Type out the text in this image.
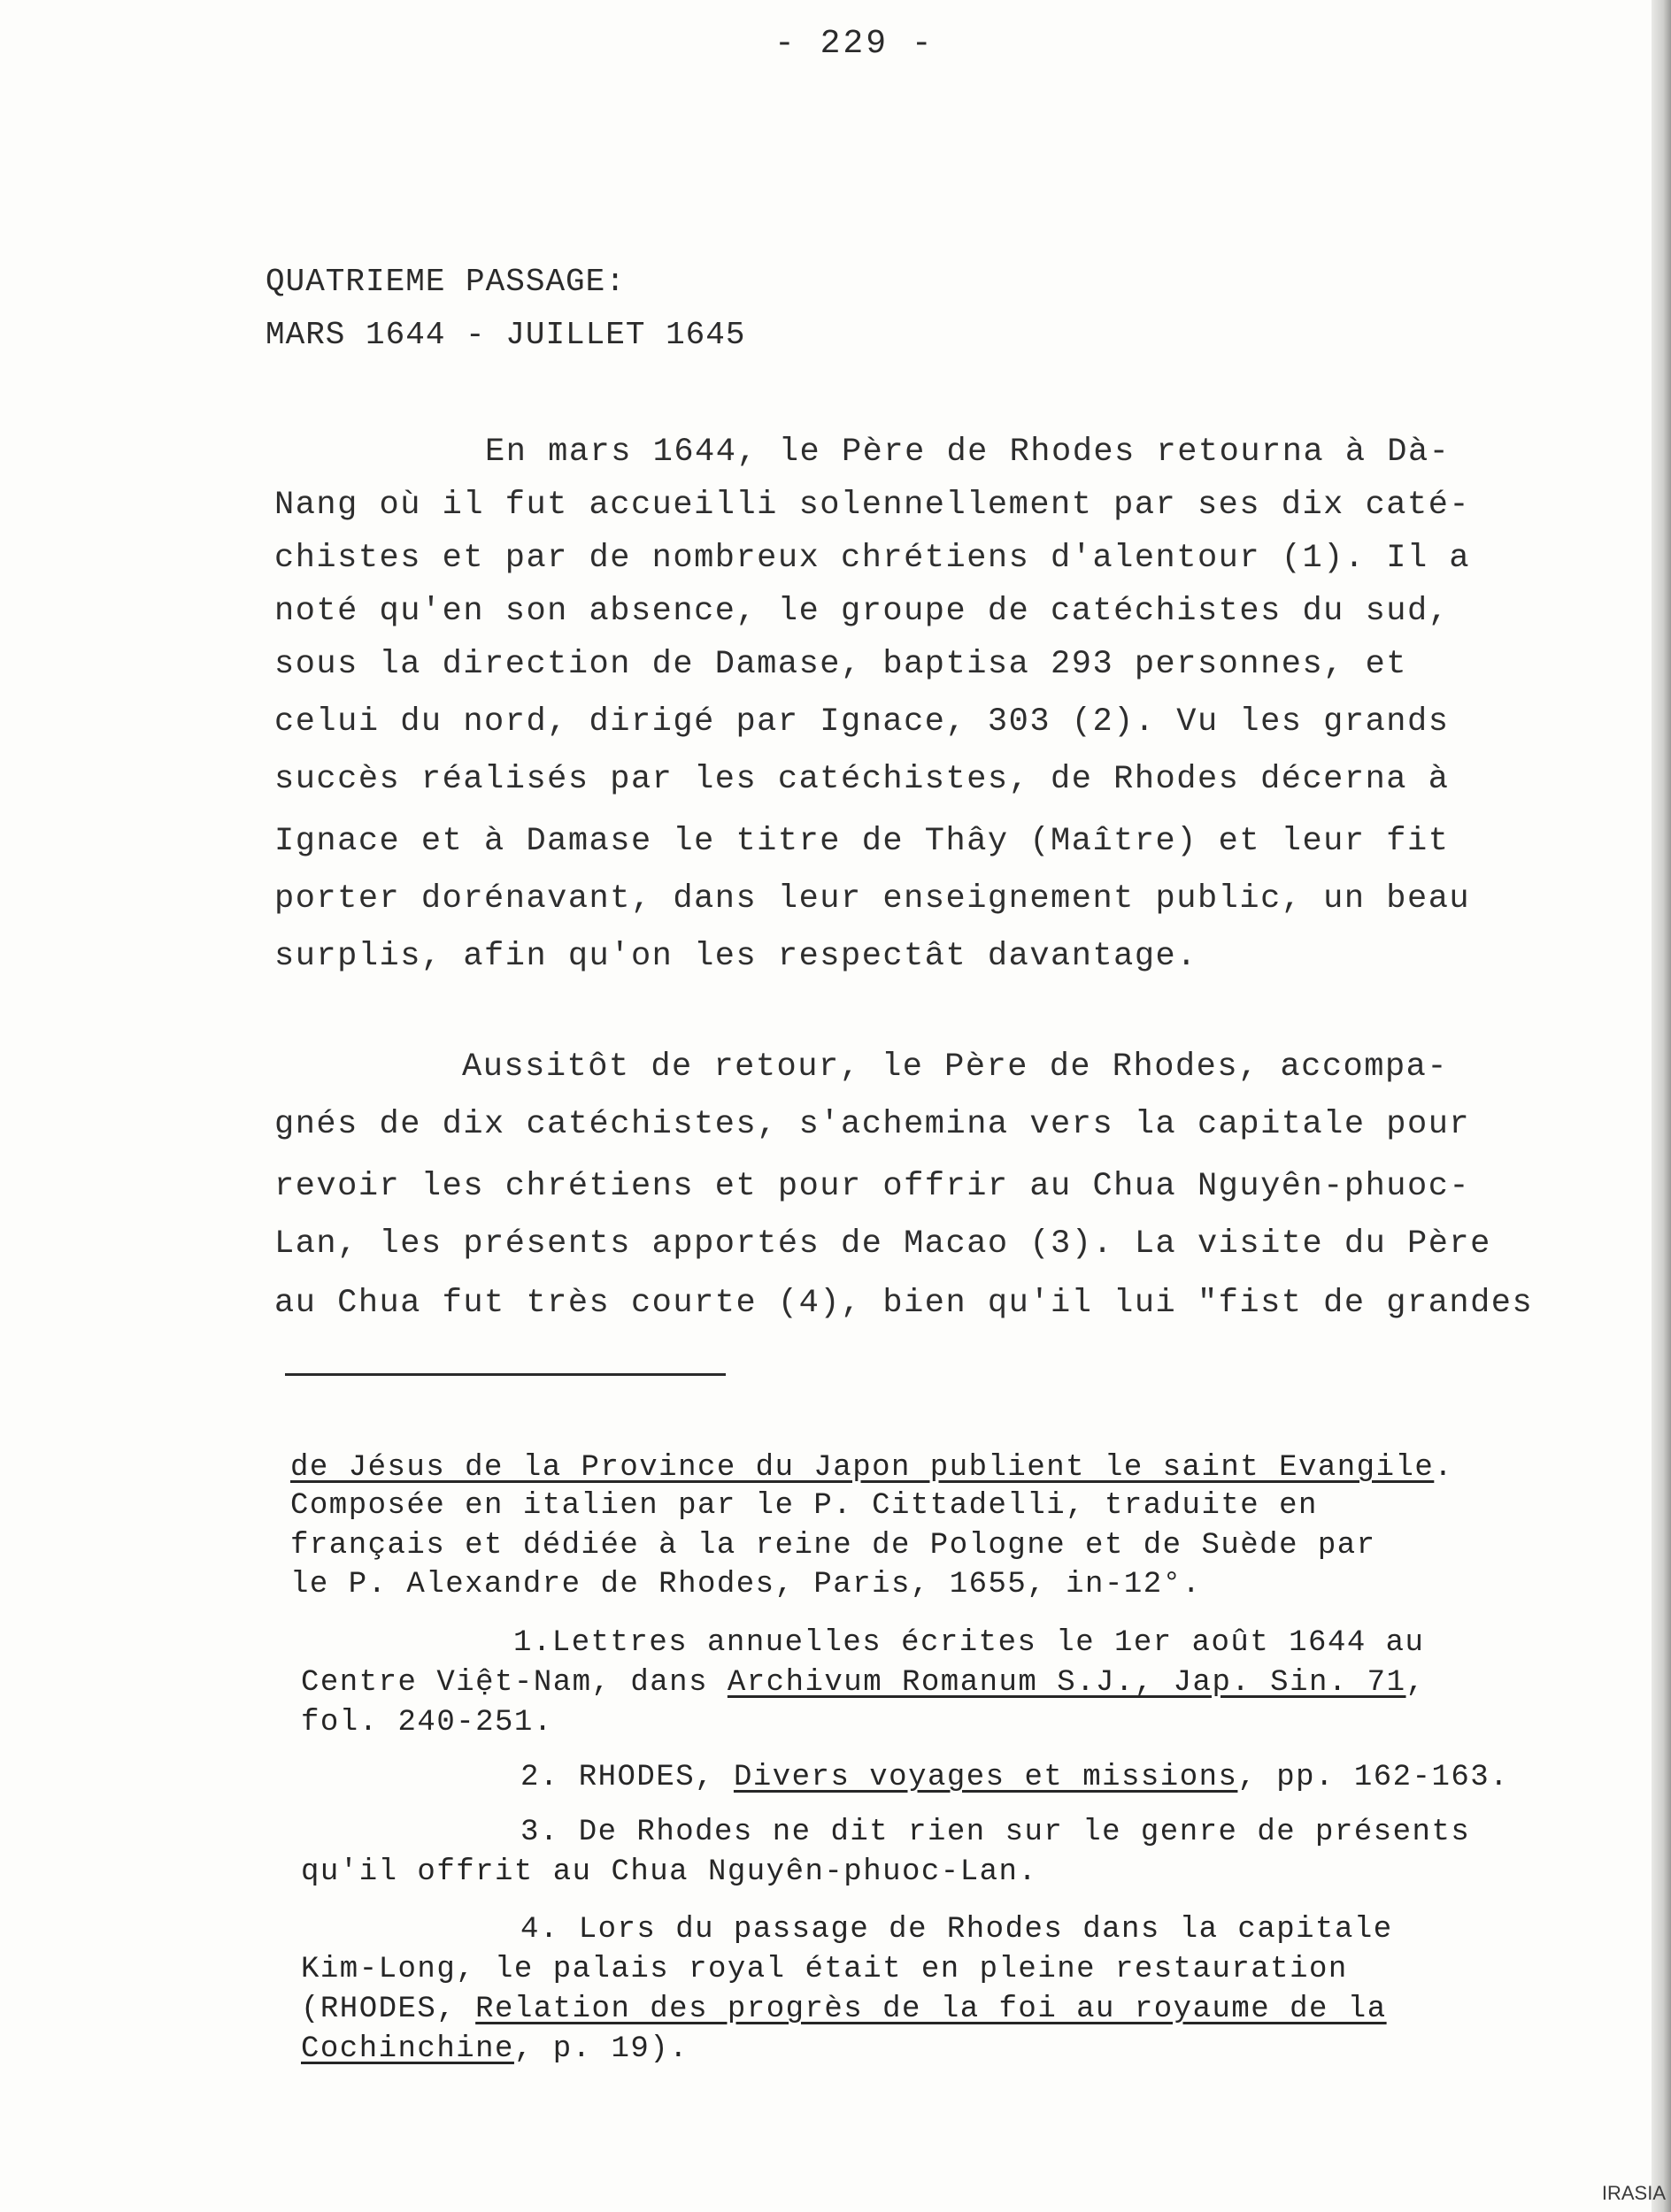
- 229 -
QUATRIEME PASSAGE:
MARS 1644 - JUILLET 1645
En mars 1644, le Père de Rhodes retourna à Dà-
Nang où il fut accueilli solennellement par ses dix caté-
chistes et par de nombreux chrétiens d'alentour (1). Il a
noté qu'en son absence, le groupe de catéchistes du sud,
sous la direction de Damase, baptisa 293 personnes, et
celui du nord, dirigé par Ignace, 303 (2). Vu les grands
succès réalisés par les catéchistes, de Rhodes décerna à
Ignace et à Damase le titre de Thây (Maître) et leur fit
porter dorénavant, dans leur enseignement public, un beau
surplis, afin qu'on les respectât davantage.
Aussitôt de retour, le Père de Rhodes, accompa-
gnés de dix catéchistes, s'achemina vers la capitale pour
revoir les chrétiens et pour offrir au Chua Nguyên-phuoc-
Lan, les présents apportés de Macao (3). La visite du Père
au Chua fut très courte (4), bien qu'il lui "fist de grandes
de Jésus de la Province du Japon publient le saint Evangile.
Composée en italien par le P. Cittadelli, traduite en
français et dédiée à la reine de Pologne et de Suède par
le P. Alexandre de Rhodes, Paris, 1655, in-12°.
1.Lettres annuelles écrites le 1er août 1644 au
Centre Việt-Nam, dans Archivum Romanum S.J., Jap. Sin. 71,
fol. 240-251.
2. RHODES, Divers voyages et missions, pp. 162-163.
3. De Rhodes ne dit rien sur le genre de présents
qu'il offrit au Chua Nguyên-phuoc-Lan.
4. Lors du passage de Rhodes dans la capitale
Kim-Long, le palais royal était en pleine restauration
(RHODES, Relation des progrès de la foi au royaume de la
Cochinchine, p. 19).
IRASIA
